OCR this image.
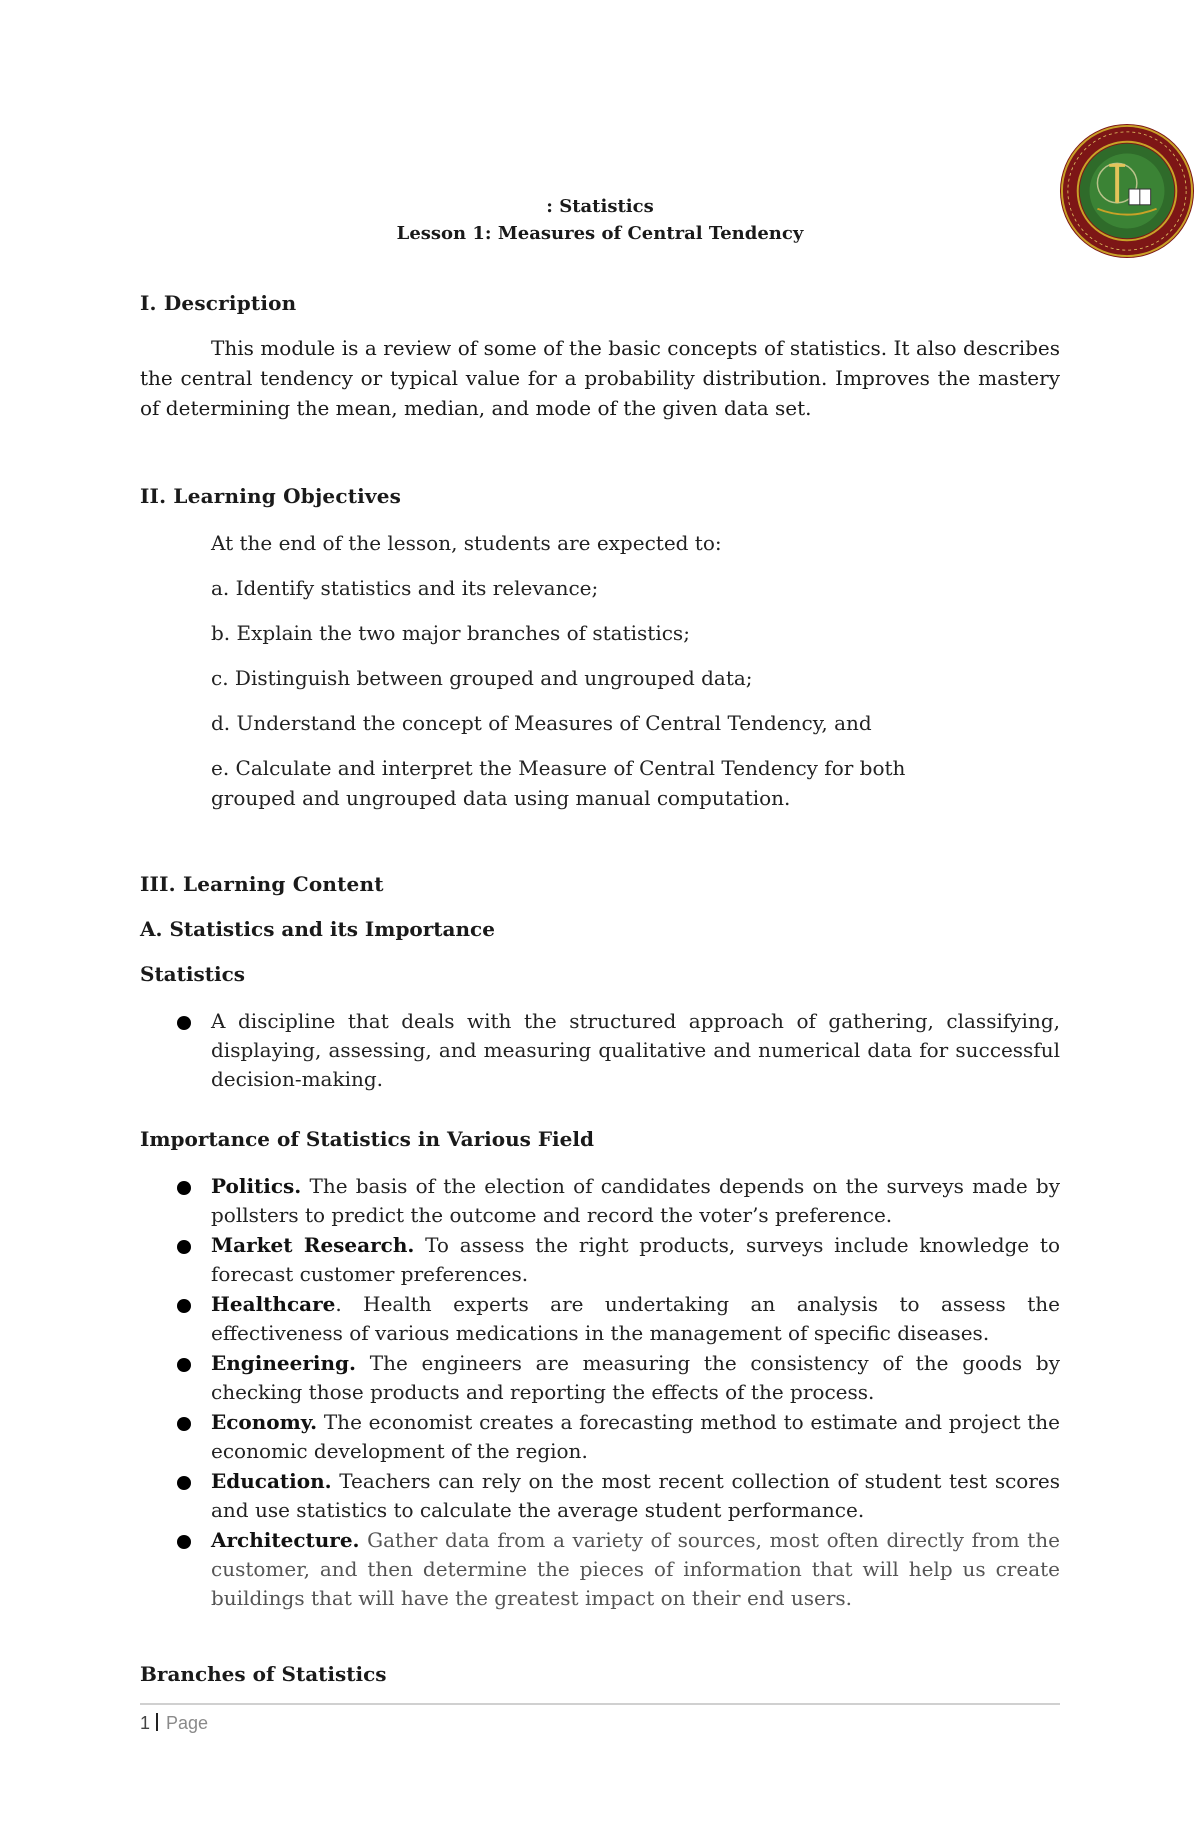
: Statistics
Lesson 1: Measures of Central Tendency
I. Description
This module is a review of some of the basic concepts of statistics. It also describes the central tendency or typical value for a probability distribution. Improves the mastery of determining the mean, median, and mode of the given data set.
II. Learning Objectives
At the end of the lesson, students are expected to:
a. Identify statistics and its relevance;
b. Explain the two major branches of statistics;
c. Distinguish between grouped and ungrouped data;
d. Understand the concept of Measures of Central Tendency, and
e. Calculate and interpret the Measure of Central Tendency for both grouped and ungrouped data using manual computation.
III. Learning Content
A. Statistics and its Importance
Statistics
A discipline that deals with the structured approach of gathering, classifying, displaying, assessing, and measuring qualitative and numerical data for successful decision-making.
Importance of Statistics in Various Field
Politics. The basis of the election of candidates depends on the surveys made by pollsters to predict the outcome and record the voter’s preference.
Market Research. To assess the right products, surveys include knowledge to forecast customer preferences.
Healthcare. Health experts are undertaking an analysis to assess the effectiveness of various medications in the management of specific diseases.
Engineering. The engineers are measuring the consistency of the goods by checking those products and reporting the effects of the process.
Economy. The economist creates a forecasting method to estimate and project the economic development of the region.
Education. Teachers can rely on the most recent collection of student test scores and use statistics to calculate the average student performance.
Architecture. Gather data from a variety of sources, most often directly from the customer, and then determine the pieces of information that will help us create buildings that will have the greatest impact on their end users.
Branches of Statistics
1 Page
